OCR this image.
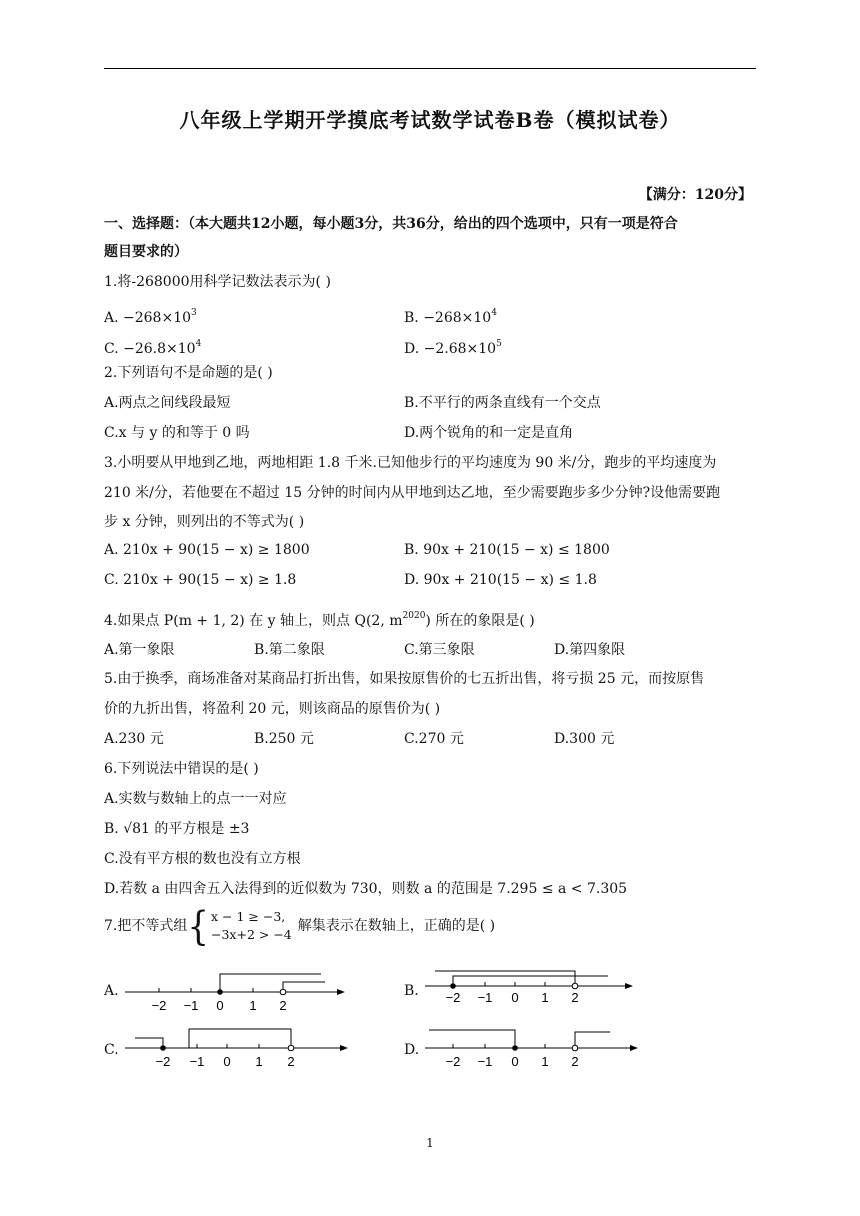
八年级上学期开学摸底考试数学试卷B卷（模拟试卷）
【满分：120分】
一、选择题：（本大题共12小题，每小题3分，共36分，给出的四个选项中，只有一项是符合
题目要求的）
1.将-268000用科学记数法表示为( )
A. $-268\times 10^3$	B. $-268\times 10^4$
C. $-26.8\times 10^4$	D. $-2.68\times 10^5$
2.下列语句不是命题的是( )
A.两点之间线段最短	B.不平行的两条直线有一个交点
C.x 与 y 的和等于 0 吗	D.两个锐角的和一定是直角
3.小明要从甲地到乙地，两地相距 1.8 千米.已知他步行的平均速度为 90 米/分，跑步的平均速度为
210 米/分，若他要在不超过 15 分钟的时间内从甲地到达乙地，至少需要跑步多少分钟?设他需要跑
步 x 分钟，则列出的不等式为( )
A. 210x + 90(15 − x) ≥ 1800	B. 90x + 210(15 − x) ≤ 1800
C. 210x + 90(15 − x) ≥ 1.8	D. 90x + 210(15 − x) ≤ 1.8
4.如果点 P(m + 1, 2) 在 y 轴上，则点 Q(2, $m^{2020}$) 所在的象限是( )
A.第一象限	B.第二象限	C.第三象限	D.第四象限
5.由于换季，商场准备对某商品打折出售，如果按原售价的七五折出售，将亏损 25 元，而按原售
价的九折出售，将盈利 20 元，则该商品的原售价为( )
A.230 元	B.250 元	C.270 元	D.300 元
6.下列说法中错误的是( )
A.实数与数轴上的点一一对应
B. √81 的平方根是 ±3
C.没有平方根的数也没有立方根
D.若数 a 由四舍五入法得到的近似数为 730，则数 a 的范围是 7.295 ≤ a < 7.305
7.把不等式组{ x − 1 ≥ −3,
−3x+2 > −4
解集表示在数轴上，正确的是( )
A.
−2 −1 0 1 2
B. −2 −1 0 1 2
C.
−2 −1 0 1 2
D.
−2 −1 0 1 2
1
